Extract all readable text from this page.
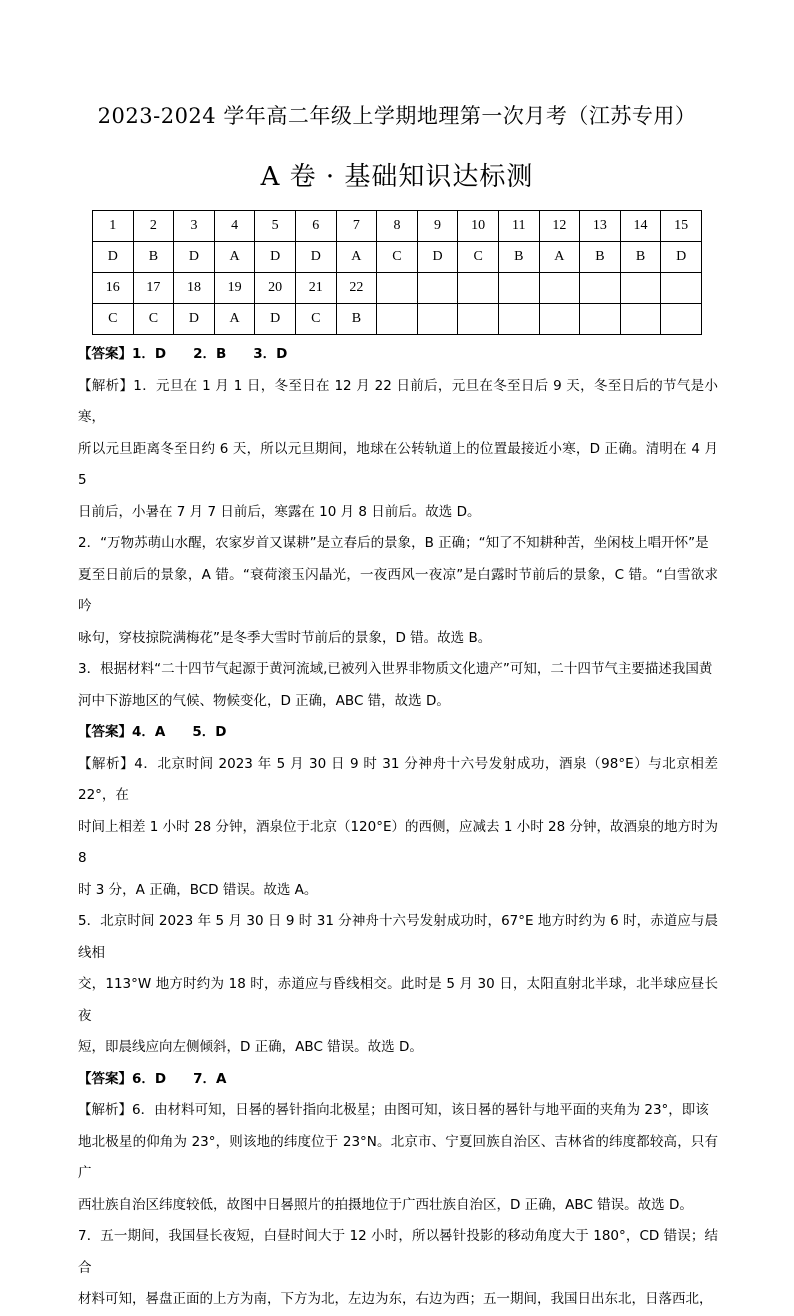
2023-2024 学年高二年级上学期地理第一次月考（江苏专用）
A 卷 · 基础知识达标测
1	2	3	4	5	6	7	8	9	10	11	12	13	14	15
D	B	D	A	D	D	A	C	D	C	B	A	B	B	D
16	17	18	19	20	21	22								
C	C	D	A	D	C	B								

【答案】1．D　　2．B　　3．D

【解析】1．元旦在 1 月 1 日，冬至日在 12 月 22 日前后，元旦在冬至日后 9 天，冬至日后的节气是小寒，

所以元旦距离冬至日约 6 天，所以元旦期间，地球在公转轨道上的位置最接近小寒，D 正确。清明在 4 月 5

日前后，小暑在 7 月 7 日前后，寒露在 10 月 8 日前后。故选 D。

2．“万物苏萌山水醒，农家岁首又谋耕”是立春后的景象，B 正确；“知了不知耕种苦，坐闲枝上唱开怀”是

夏至日前后的景象，A 错。“衰荷滚玉闪晶光，一夜西风一夜凉”是白露时节前后的景象，C 错。“白雪欲求吟

咏句，穿枝掠院满梅花”是冬季大雪时节前后的景象，D 错。故选 B。

3．根据材料“二十四节气起源于黄河流域,已被列入世界非物质文化遗产”可知，二十四节气主要描述我国黄

河中下游地区的气候、物候变化，D 正确，ABC 错，故选 D。

【答案】4．A　　5．D

【解析】4．北京时间 2023 年 5 月 30 日 9 时 31 分神舟十六号发射成功，酒泉（98°E）与北京相差 22°，在

时间上相差 1 小时 28 分钟，酒泉位于北京（120°E）的西侧，应减去 1 小时 28 分钟，故酒泉的地方时为 8

时 3 分，A 正确，BCD 错误。故选 A。

5．北京时间 2023 年 5 月 30 日 9 时 31 分神舟十六号发射成功时，67°E 地方时约为 6 时，赤道应与晨线相

交，113°W 地方时约为 18 时，赤道应与昏线相交。此时是 5 月 30 日，太阳直射北半球，北半球应昼长夜

短，即晨线应向左侧倾斜，D 正确，ABC 错误。故选 D。

【答案】6．D　　7．A

【解析】6．由材料可知，日晷的晷针指向北极星；由图可知，该日晷的晷针与地平面的夹角为 23°，即该

地北极星的仰角为 23°，则该地的纬度位于 23°N。北京市、宁夏回族自治区、吉林省的纬度都较高，只有广

西壮族自治区纬度较低，故图中日晷照片的拍摄地位于广西壮族自治区，D 正确，ABC 错误。故选 D。

7．五一期间，我国昼长夜短，白昼时间大于 12 小时，所以晷针投影的移动角度大于 180°，CD 错误；结合

材料可知，晷盘正面的上方为南，下方为北，左边为东，右边为西；五一期间，我国日出东北，日落西北，
